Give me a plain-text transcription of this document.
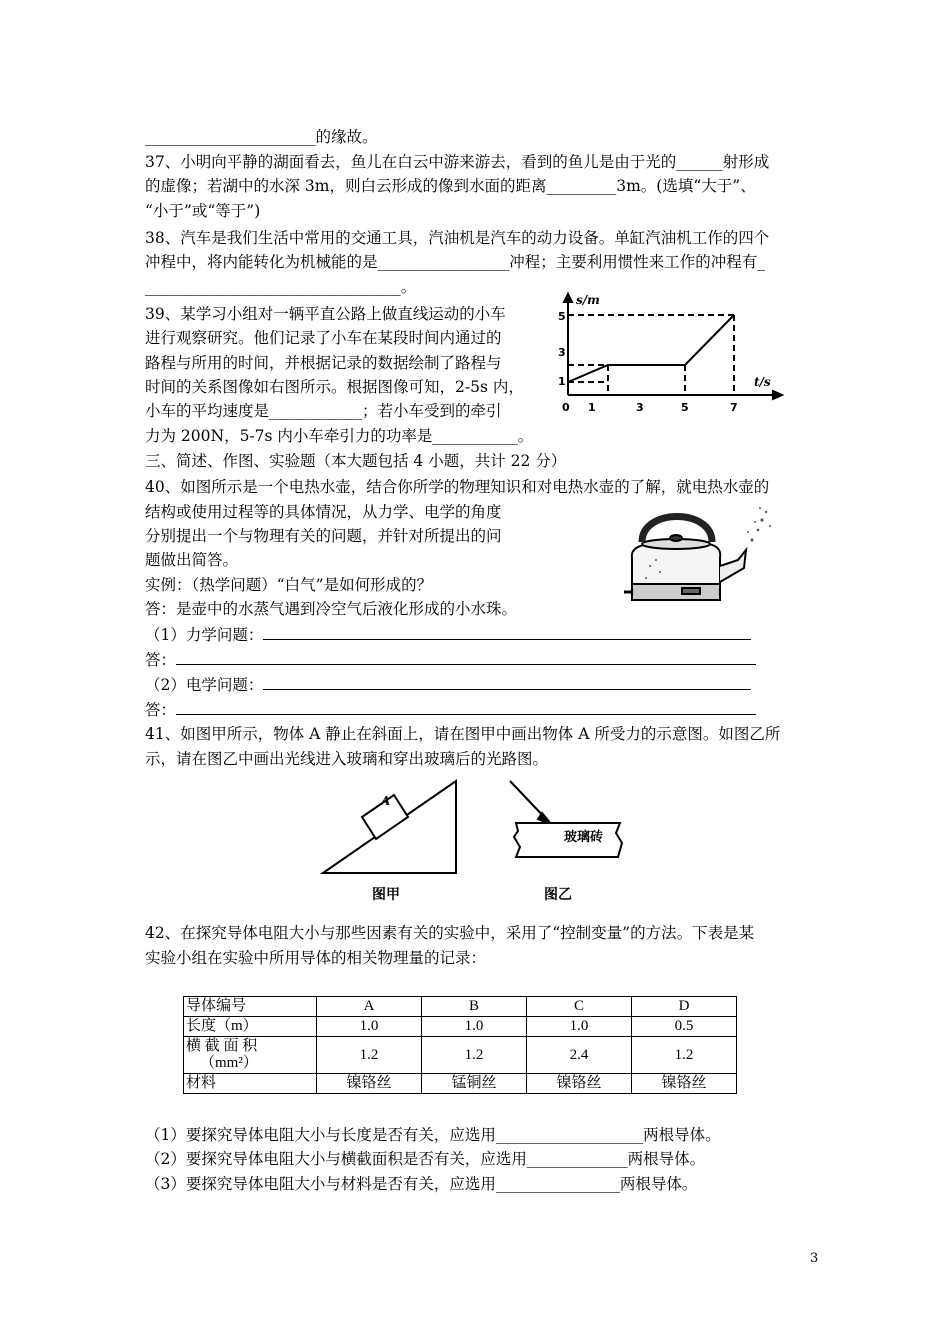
______________________的缘故。
37、小明向平静的湖面看去，鱼儿在白云中游来游去，看到的鱼儿是由于光的______射形成
的虚像；若湖中的水深 3m，则白云形成的像到水面的距离_________3m。(选填“大于”、
“小于”或“等于”)
38、汽车是我们生活中常用的交通工具，汽油机是汽车的动力设备。单缸汽油机工作的四个
冲程中，将内能转化为机械能的是_________________冲程；主要利用惯性来工作的冲程有_
_________________________________。
39、某学习小组对一辆平直公路上做直线运动的小车
进行观察研究。他们记录了小车在某段时间内通过的
路程与所用的时间，并根据记录的数据绘制了路程与
时间的关系图像如右图所示。根据图像可知，2-5s 内，
小车的平均速度是____________；若小车受到的牵引
力为 200N，5-7s 内小车牵引力的功率是___________。
s/m
t/s
5
3
1
0 1	3	5	7
三、简述、作图、实验题（本大题包括 4 小题，共计 22 分）
40、如图所示是一个电热水壶，结合你所学的物理知识和对电热水壶的了解，就电热水壶的
结构或使用过程等的具体情况，从力学、电学的角度
分别提出一个与物理有关的问题，并针对所提出的问
题做出简答。
实例：（热学问题）“白气”是如何形成的？
答：是壶中的水蒸气遇到冷空气后液化形成的小水珠。
（1）力学问题：
答：
（2）电学问题：
答：
41、如图甲所示，物体 A 静止在斜面上，请在图甲中画出物体 A 所受力的示意图。如图乙所
示，请在图乙中画出光线进入玻璃和穿出玻璃后的光路图。
A
图甲
玻璃砖
图乙
42、在探究导体电阻大小与那些因素有关的实验中，采用了“控制变量”的方法。下表是某
实验小组在实验中所用导体的相关物理量的记录：
导体编号	A	B	C	D
长度（m）	1.0	1.0	1.0	0.5

横 截 面 积
（mm²）	1.2	1.2	2.4	1.2
材料	镍铬丝	锰铜丝	镍铬丝	镍铬丝
（1）要探究导体电阻大小与长度是否有关，应选用___________________两根导体。
（2）要探究导体电阻大小与横截面积是否有关，应选用_____________两根导体。
（3）要探究导体电阻大小与材料是否有关，应选用________________两根导体。
3
